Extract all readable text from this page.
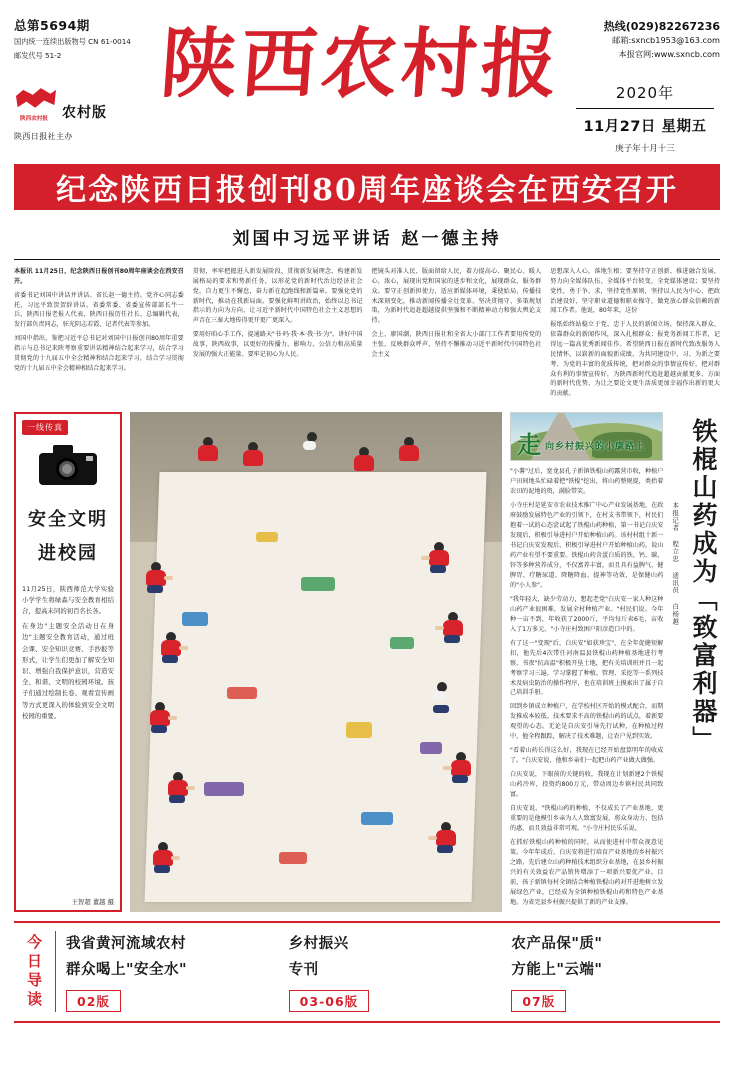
总第5694期
国内统一连续出版物号 CN 61-0014
邮发代号 51-2
陕西农村报 农村版
陕西日报社主办
陕西农村报	热线(029)82267236
邮箱:sxncb1953@163.com
本报官网:www.sxncb.com
2020年
11月27日 星期五
庚子年十月十三
纪念陕西日报创刊80周年座谈会在西安召开
刘国中习远平讲话 赵一德主持

本报讯 11月25日，纪念陕西日报创刊80周年座谈会在西安召开。

省委书记刘国中讲话并讲话。省长赵一德主持。党齐心同志委托，习远平致贺贺辞讲话。省委常委、省委宣传部部长牛一兵，陕西日报老报人代表，陕西日报历任社长、总编辑代表，发行部负责同志，驻光阴志若霞、记者代表等参加。

刘国中指出，鉴把习近平总书记对刘国中日报创刊80周年重要指示与总书记来陕考察重要讲话精神结合起来学习，结合学习贯彻党的十九届五中全会精神和结合起来学习，结合学习贯彻党的十九届五中全会精神相结合起来学习。

贯彻，率牢把握进入新发展阶段、贯彻新发展理念、构建新发展格局的要求和势新任务，以形花党的新时代治边经济社会党，自力更生不懈怠，奋力新在起跑线和新篇章。要强化党的新时代，推动在我新局面。要强化鲜明讲政治，始终以总书记指示的力向为方向，让习近平新时代中国特色社会主义思想的声音在三秦大地传得更开更广更深入。

要用好咱心手工作，提通路天"书·吗·我·本·我·书·为"，讲好中国故事，陕西故事，以更好的传播力、影响力、公信力和高质量发展的强大正能量。要牢记初心为人民。

把镜头对准人民、版面留给人民，着力提高心、聚民心、暖人心，浓心，展现出党和国家的进步和文化，展现群众、服务群众。要守正创新担使力，适应新媒体环境，秉使始局，传播技术深刻变化，推动新闻传播全壮变革。坚决贯彻守、多策规划策，为新时代追赶超越提供坚强和不断精神动力和强大舆论支持。

会上，廖国潮，陕西日报社和全省大小部门工作者要用传党的主张，反映群众呼声，坚持不懈推动习近平新时代中国特色社会主义

思想深入人心，落地生根；要坚持守正创新、推进融合发展，努力向全媒体队伍、全媒体平台转变，全党媒体建设；要坚持党性，勇于争、求，坚持党性原则，坚持以人民为中心、把政治建设好、坚守职业道德和职业操守，做党放心群众信赖的新闻工作者。他说，80年来，这份

报纸始终站稳立于党、忠于人民的新闻立场，保持深入群众、依靠群众的新闻作风，深入扎根群众；报党务新闻工作者，记得远一篇高优秀新闻佳作。希望陕西日报在新时代致改服务人民情怀，以崭新的面貌新成绩，为共同建设中、习、为新之要考、为党的丰富的优质传统，把对群众的事情宣传好，把对群众有利的事情宣传好，为陕西新时代追赶超越贡献更多、方面的新时代优势、为让之要论文更生活质更加幸福作出新的更大的贡献。

一线传真
安全文明
进校园

11月25日，陕西师范大学实验小学学生将绿森与安全教育相结合，提高未同的初百名长各。

在身边"主题安全活动日在身边"主题安全教育活动，通过班会课、安全知识竞赛、手抄报等形式，让学生们更加了解安全知识、增强自我保护意识，营造安全、和谐、文明的校园环境。孩子们通过绘制长卷、观看宣传画等方式更深入的体验到安全文明校园的重要。

王智超 董越 摄
走 向乡村振兴的小康路上

"小薯"过后，宽龙县孔子新镇铁棍山药露营市收，种植户户田间地头忙碌着把"铁棍"挖出，将山药整规提，类抬着农田的泥地的资，满脸带笑。

小寺庄村是延安市农业技术推广中心产业发展基地，在政府鼓励发展特色产业的引领下，在村支书带领下，村民们抱着一试的心态尝试起了铁棍山药种植，第一书记白庆安发现后，积极引导进村户开始种植山药。该村村组十新一书记白庆安发现后，积极引导进村户开始种植山药。说山药产业有望不要重要。铁棍山药含蛋白质的铁、钙、碳、锌等多种营养成分，不仅富养丰富，而且具有益脾气、健脾胃、疗糖尿道、降糖降血、提神等功效，是保健山药的"小人参"。

"我年轻大，缺少劳动力，想起老党"白庆安一家人种这种山药产业很困难，发展全村种植产业。"村民们说。今年种一亩不到，年收获了2000斤，平均每斤卖6毛，亩收入了1万多元。"小寺庄村致困户阳彦造口中的。

有了这一"变现"后，白庆安"如获珍宝"，在全年促健短解扣，他先后4次带任河南温县铁棍山药种植基地进行考察，书夜"抗高温"积极开垦土地，把有关培训班并且一起考察学习三遍，学习掌握了种植、管理、采挖等一系列技术及病虫防治的操作程序，也在培训班上摸索出了属于自己培训手册。

回到乡镇成立种植户，在学校村区开始的模式配合，而期发推成本较低、技术要求不高的铁棍山药的试点，着新要观望的心态。无论是自庆安引导先行试种，在种植过程中，他全程跟踪，解决了技术难题，让农户见到实效。

"看着山药长得这么好，我现在已经开始盘算明年的收成了。"白庆安说，他和乡亲们一起把山药产业做大做强。

白庆安说，下眼前的关键的收，我现在计划新建2个铁棍山药冷库，投资约800万元，带动周边乡镇村民共同致富。

自庆安说，"铁棍山药的种植，不仅成长了产业基地，更重要的是他模引乡亲为人人致富发展，将众身动力、包括的惠，而且效益非常可观。"小寺庄村民乐乐说。

在抓好铁棍山药种植的同时，从而使进村中带众视意见策。今年年成后，白庆安将进行培育产业基地的乡村振兴之路，先后建立山药种植技术组织分业基地，在县乡村振兴的有关效益农产品销售增添了一项新兴要优产业。目前，孩子新镇每村全镇结合种植铁棍山药对开进地树立发展绿色产业，已经成为全镇种植铁棍山药和特色产业基地。为省完县乡村振兴提供了新的产业支撑。

本报记者 程立忠 通讯员 白杨越 铁棍山药成为「致富利器」
今日导读	我省黄河流域农村
群众喝上"安全水"
02版
乡村振兴
专刊
03-06版
农产品保"质"
方能上"云端"
07版
